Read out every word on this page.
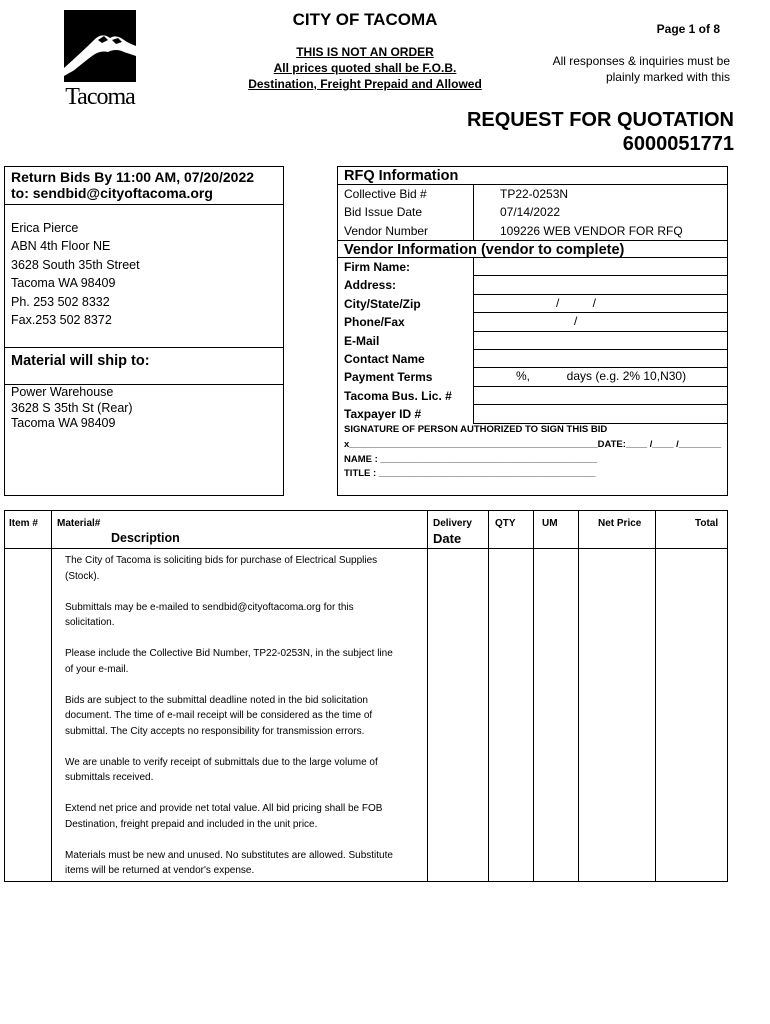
Tacoma
CITY OF TACOMA
THIS IS NOT AN ORDER
All prices quoted shall be F.O.B.
Destination, Freight Prepaid and Allowed
Page 1 of 8
All responses & inquiries must be
plainly marked with this
REQUEST FOR QUOTATION
6000051771
Return Bids By 11:00 AM, 07/20/2022
to: sendbid@cityoftacoma.org
Erica Pierce
ABN 4th Floor NE
3628 South 35th Street
Tacoma WA 98409
Ph. 253 502 8332
Fax.253 502 8372
Material will ship to:
Power Warehouse
3628 S 35th St (Rear)
Tacoma WA 98409
RFQ Information
Collective Bid #	TP22-0253N
Bid Issue Date	07/14/2022
Vendor Number	109226 WEB VENDOR FOR RFQ
Vendor Information (vendor to complete)
Firm Name:
Address:
City/State/Zip	/          /
Phone/Fax	/
E-Mail
Contact Name
Payment Terms	%,           days (e.g. 2% 10,N30)
Tacoma Bus. Lic. #
Taxpayer ID #
SIGNATURE OF PERSON AUTHORIZED TO SIGN THIS BID
x_______________________________________________DATE:____ /____ /________
NAME : _________________________________________
TITLE : _________________________________________
Item # Material#
Description
Delivery
Date
QTY	UM	Net Price	Total

The City of Tacoma is soliciting bids for purchase of Electrical Supplies (Stock).

Submittals may be e-mailed to sendbid@cityoftacoma.org for this solicitation.

Please include the Collective Bid Number, TP22-0253N, in the subject line of your e-mail.

Bids are subject to the submittal deadline noted in the bid solicitation document. The time of e-mail receipt will be considered as the time of submittal. The City accepts no responsibility for transmission errors.

We are unable to verify receipt of submittals due to the large volume of submittals received.

Extend net price and provide net total value. All bid pricing shall be FOB Destination, freight prepaid and included in the unit price.

Materials must be new and unused. No substitutes are allowed. Substitute items will be returned at vendor's expense.
